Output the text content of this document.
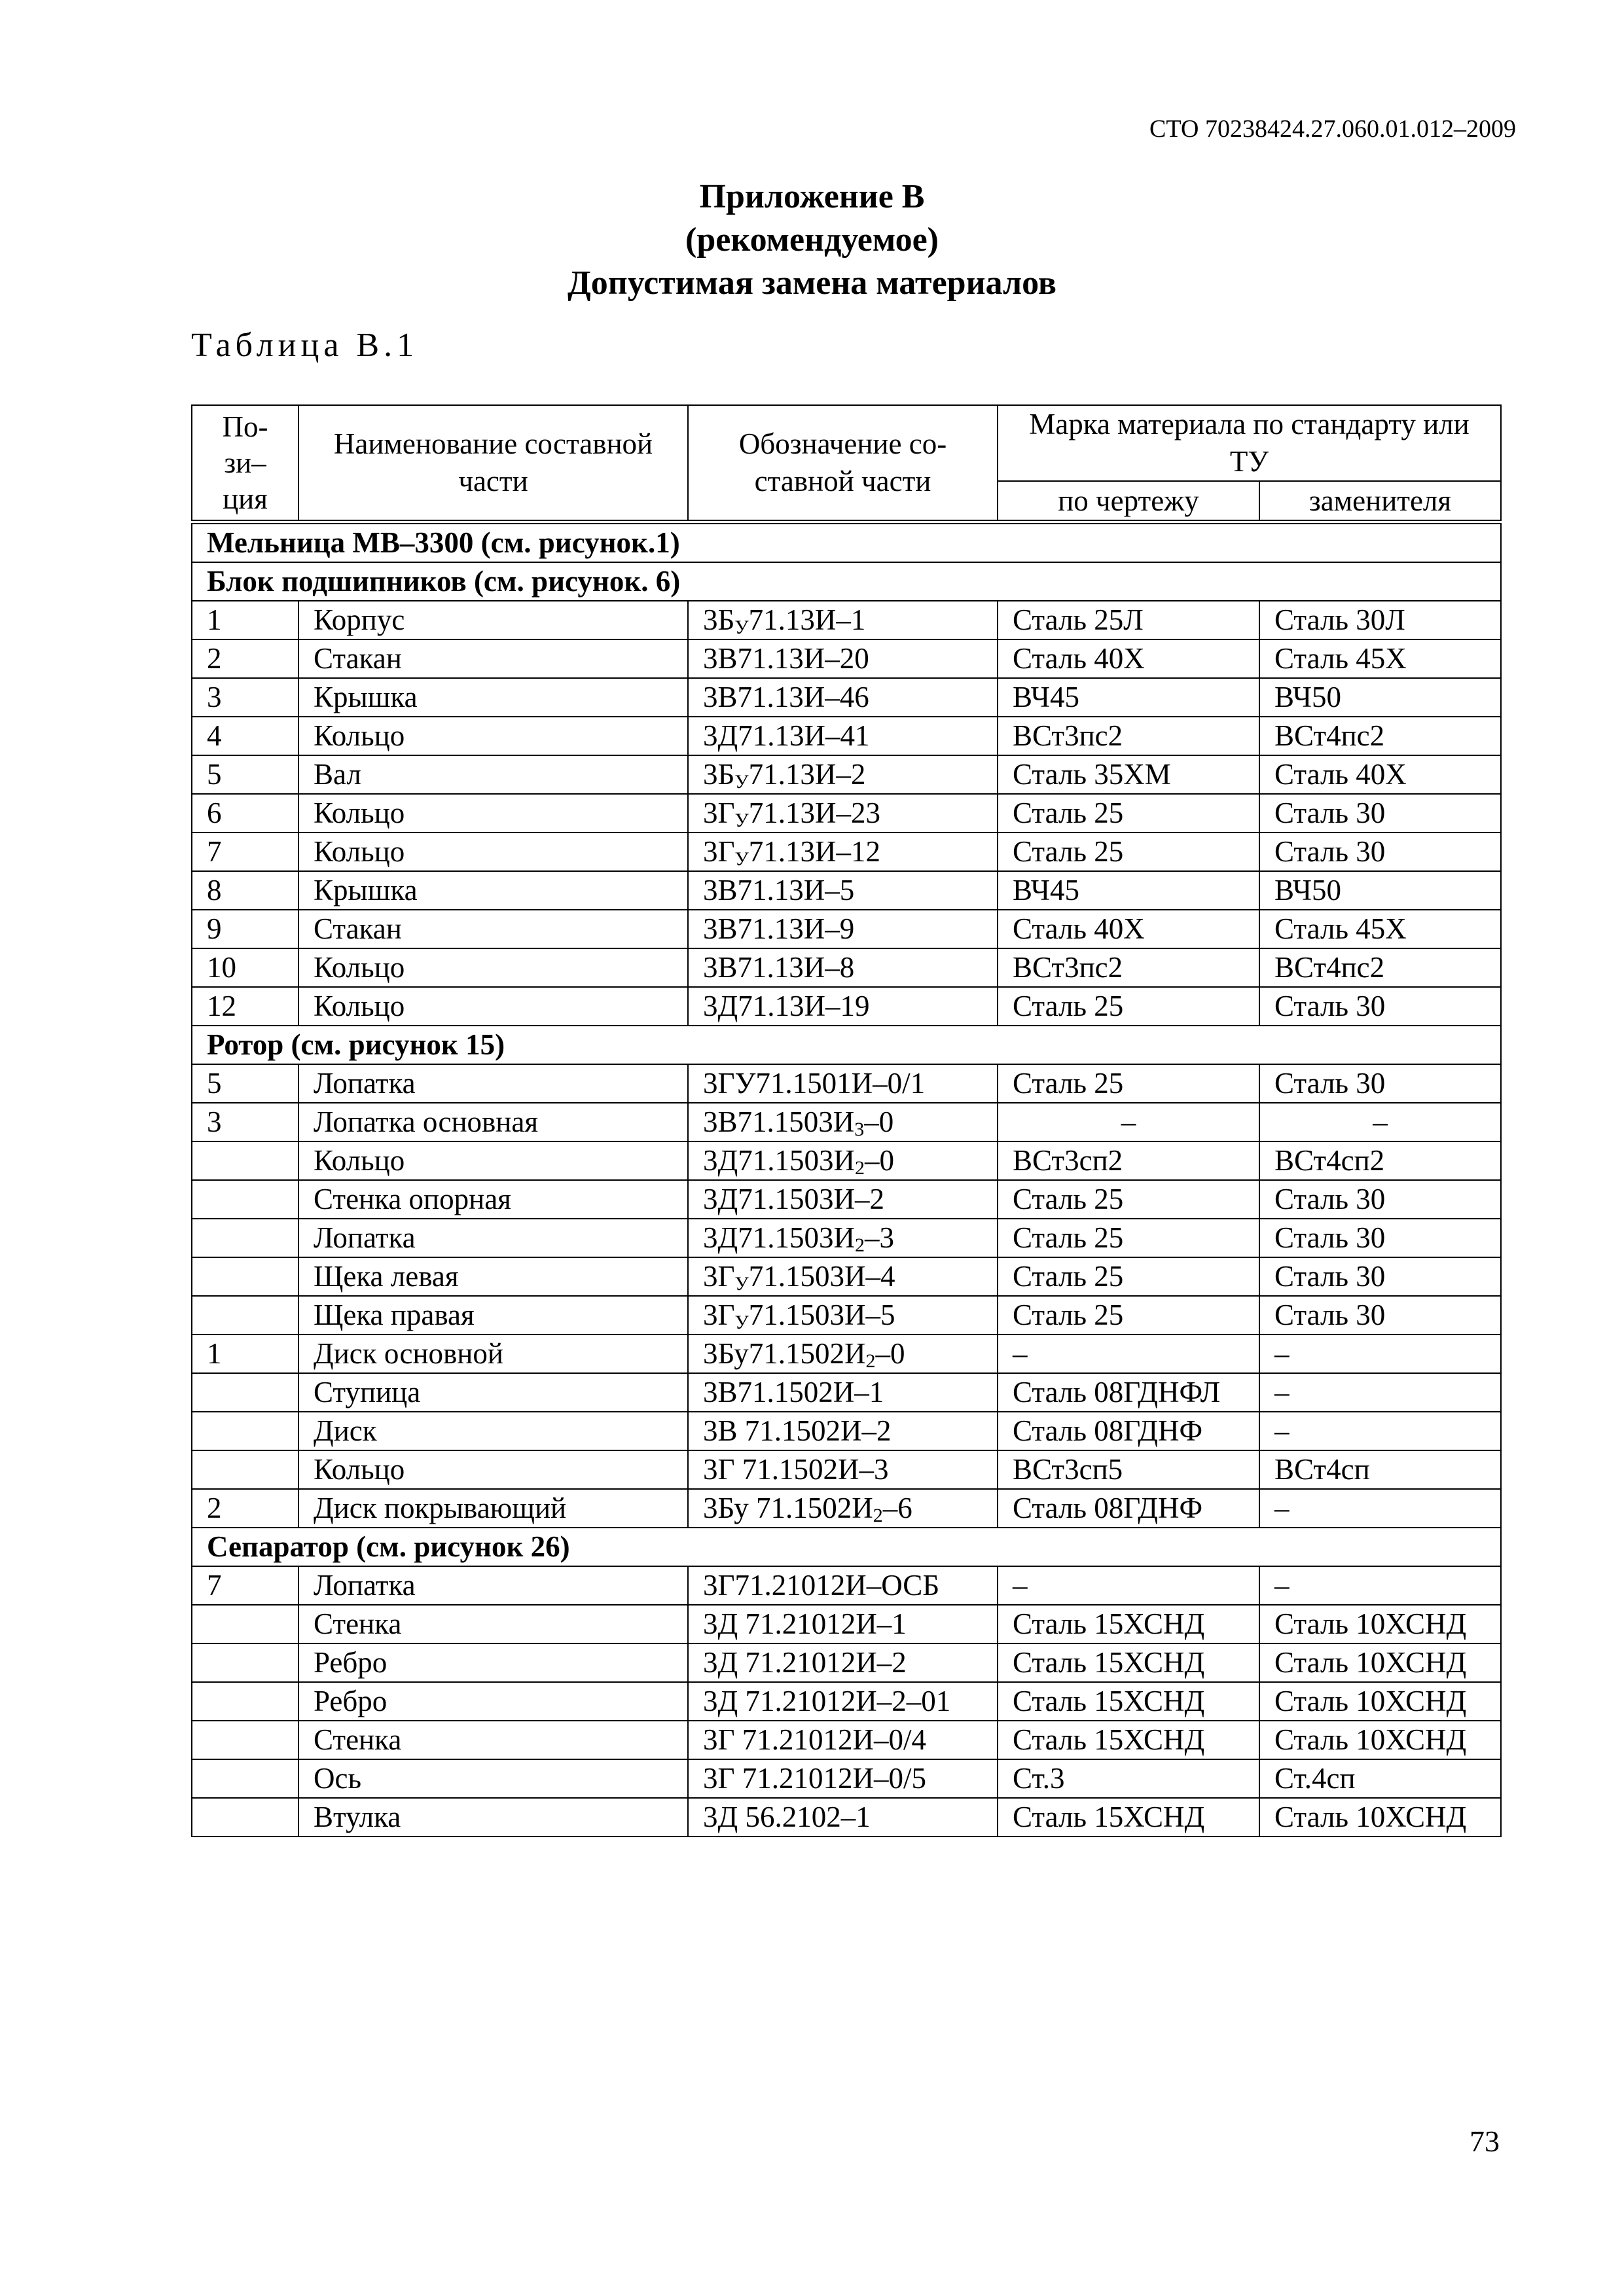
СТО 70238424.27.060.01.012–2009
Приложение В
(рекомендуемое)
Допустимая замена материалов
Таблица В.1
По-
зи–
ция	Наименование составной части	Обозначение со-ставной части	Марка материала по стандарту или ТУ	
			по чертежу	заменителя
Мельница МВ–3300 (см. рисунок.1)				
Блок подшипников (см. рисунок. 6)				
1	Корпус	$3Б_У71.13И-1$	Сталь 25Л	Сталь 30Л
2	Стакан	3В71.13И–20	Сталь 40Х	Сталь 45Х
3	Крышка	3В71.13И–46	ВЧ45	ВЧ50
4	Кольцо	3Д71.13И–41	ВСт3пс2	ВСт4пс2
5	Вал	$3Б_У71.13И-2$	Сталь 35ХМ	Сталь 40Х
6	Кольцо	$3Г_У71.13И-23$	Сталь 25	Сталь 30
7	Кольцо	$3Г_У71.13И-12$	Сталь 25	Сталь 30
8	Крышка	3В71.13И–5	ВЧ45	ВЧ50
9	Стакан	3В71.13И–9	Сталь 40Х	Сталь 45Х
10	Кольцо	3В71.13И–8	ВСт3пс2	ВСт4пс2
12	Кольцо	3Д71.13И–19	Сталь 25	Сталь 30
Ротор (см. рисунок 15)				
5	Лопатка	3ГУ71.1501И–0/1	Сталь 25	Сталь 30
3	Лопатка основная	$3В71.1503И_3-0$	–	–
	Кольцо	$3Д71.1503И_2-0$	ВСт3сп2	ВСт4сп2
	Стенка опорная	3Д71.1503И–2	Сталь 25	Сталь 30
	Лопатка	$3Д71.1503И_2-3$	Сталь 25	Сталь 30
	Щека левая	$3Г_У71.1503И-4$	Сталь 25	Сталь 30
	Щека правая	$3Г_У71.1503И-5$	Сталь 25	Сталь 30
1	Диск основной	$3Бу71.1502И_2-0$	–	–
	Ступица	3В71.1502И–1	Сталь 08ГДНФЛ	–
	Диск	3В 71.1502И–2	Сталь 08ГДНФ	–
	Кольцо	3Г 71.1502И–3	ВСт3сп5	ВСт4сп
2	Диск покрывающий	3Бу $71.1502И_2-6$	Сталь 08ГДНФ	–
Сепаратор (см. рисунок 26)				
7	Лопатка	3Г71.21012И–ОСБ	–	–
	Стенка	3Д 71.21012И–1	Сталь 15ХСНД	Сталь 10ХСНД
	Ребро	3Д 71.21012И–2	Сталь 15ХСНД	Сталь 10ХСНД
	Ребро	3Д 71.21012И–2–01	Сталь 15ХСНД	Сталь 10ХСНД
	Стенка	3Г 71.21012И–0/4	Сталь 15ХСНД	Сталь 10ХСНД
	Ось	3Г 71.21012И–0/5	Ст.3	Ст.4сп
	Втулка	3Д 56.2102–1	Сталь 15ХСНД	Сталь 10ХСНД
73
